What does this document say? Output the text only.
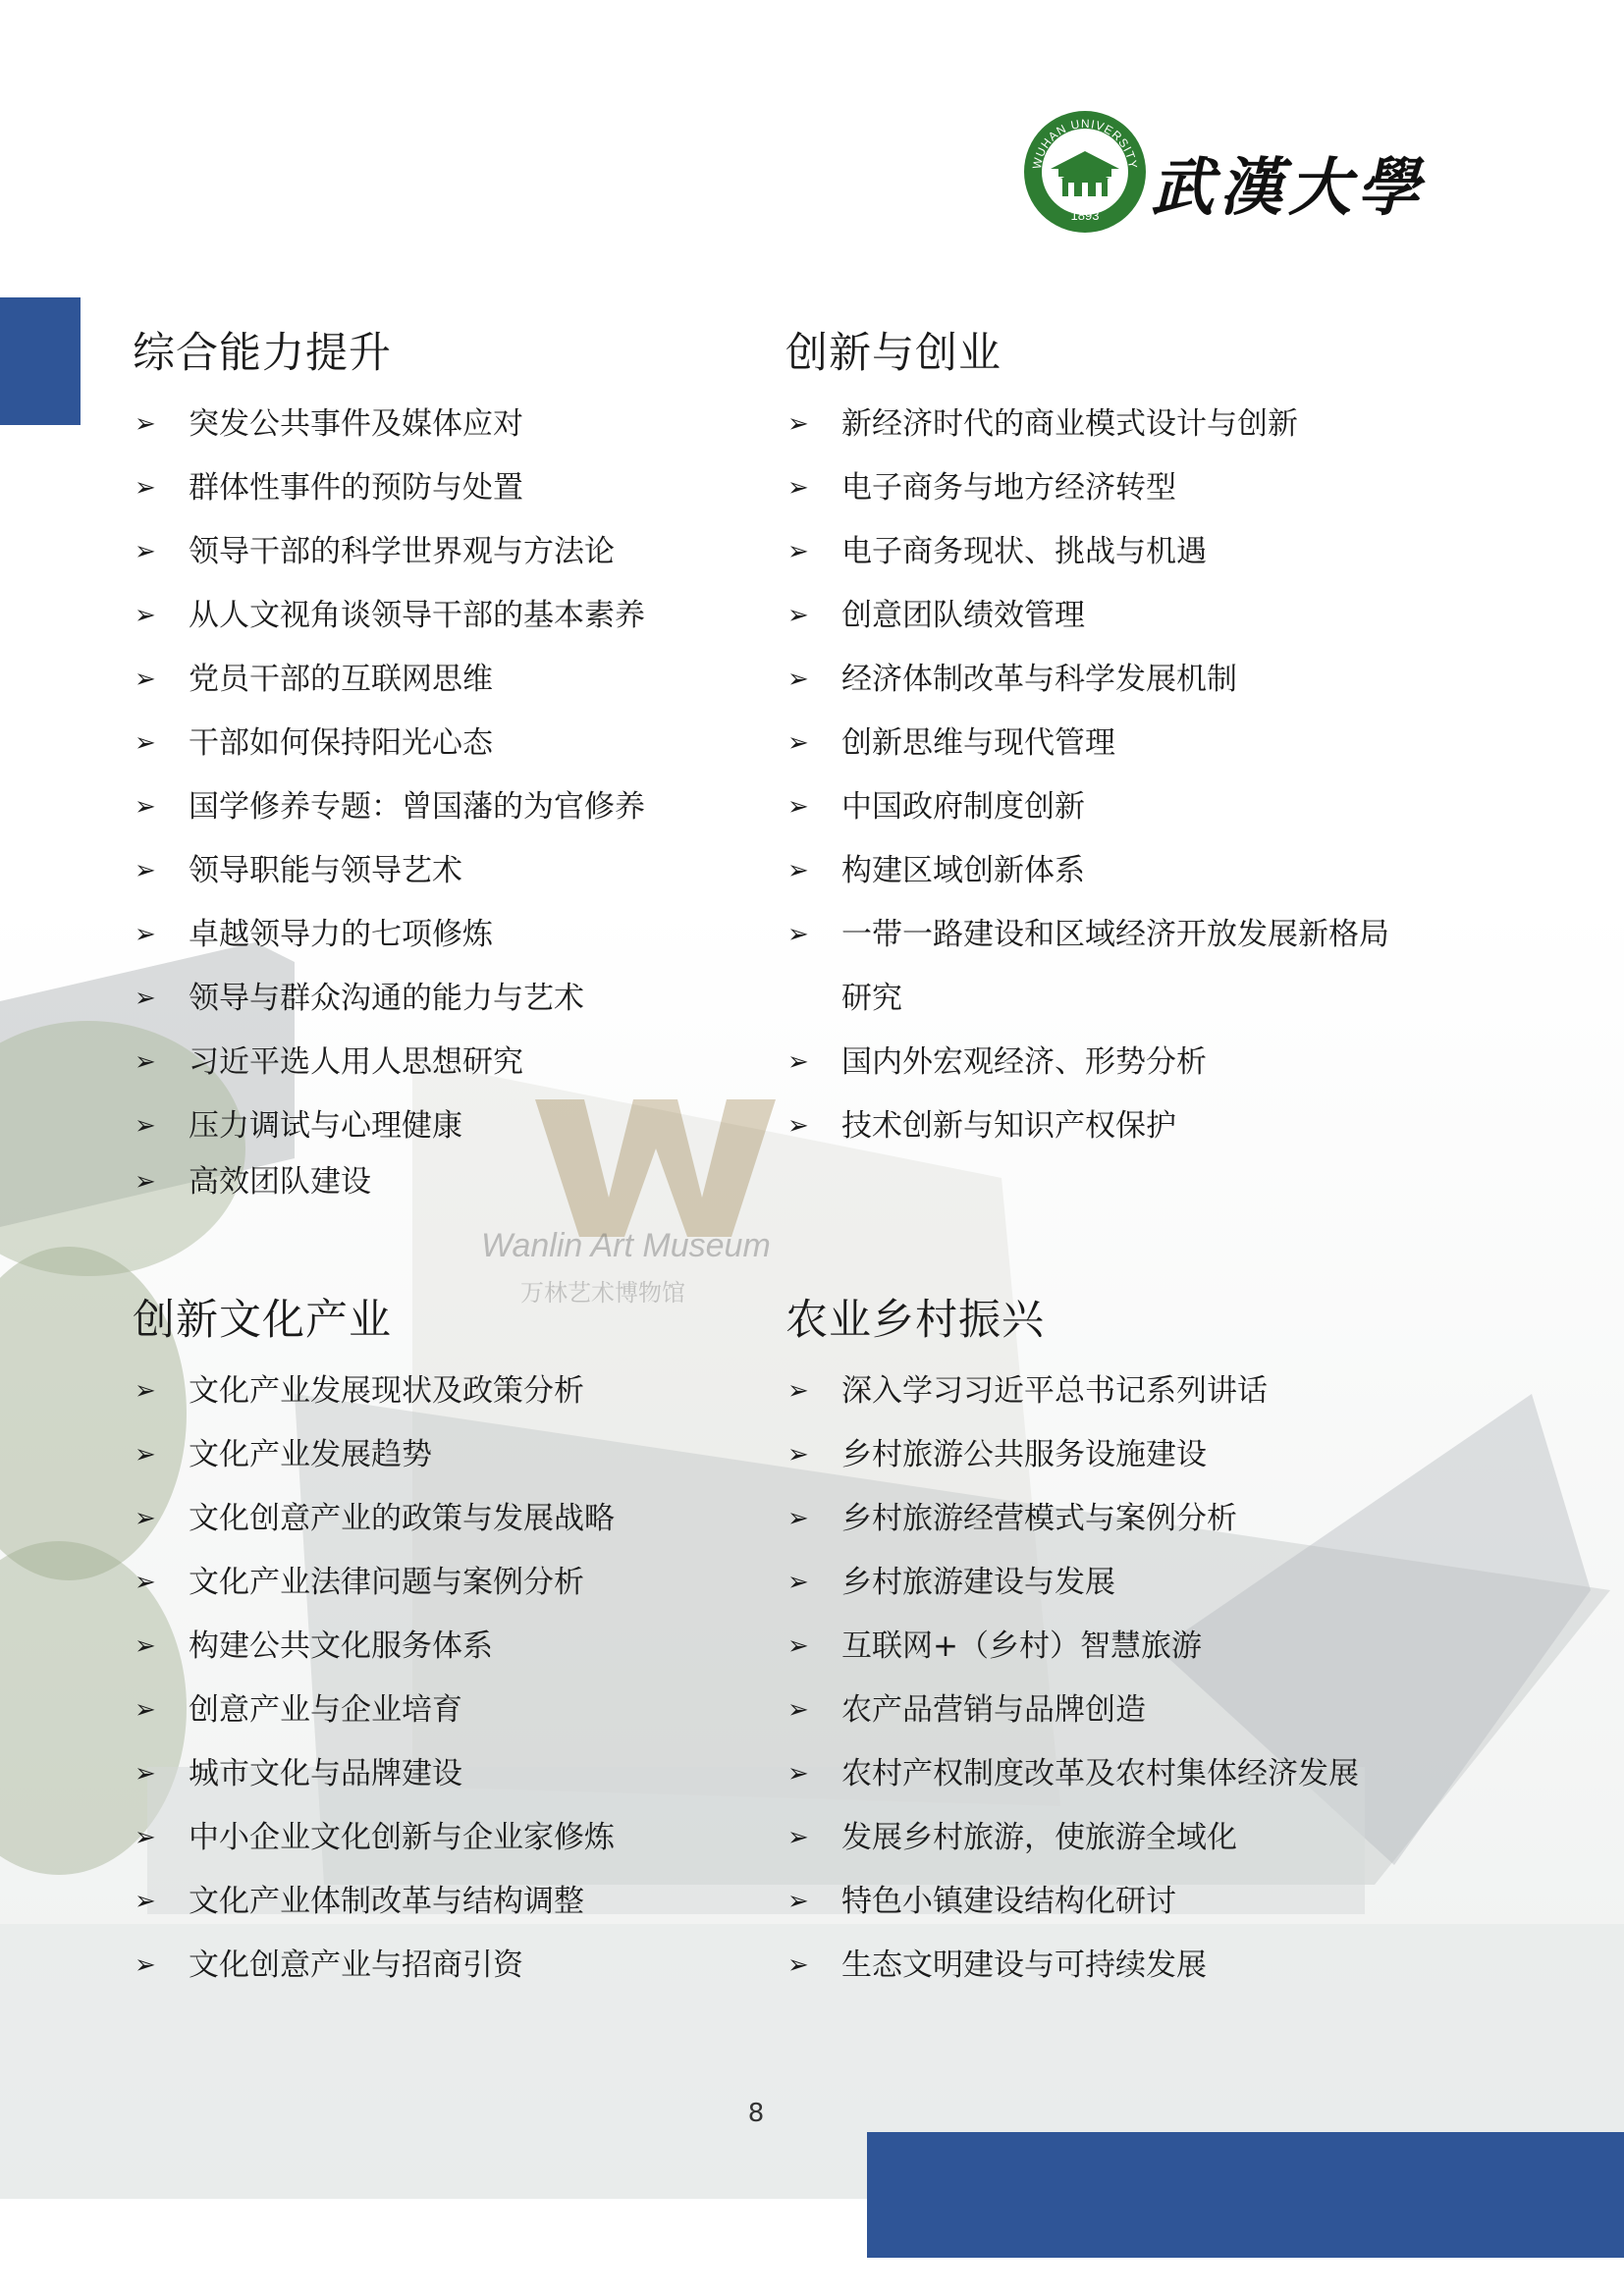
Wanlin Art Museum
万林艺术博物馆
WUHAN UNIVERSITY
1893 武漢大學
综合能力提升
➢ 突发公共事件及媒体应对
➢ 群体性事件的预防与处置
➢ 领导干部的科学世界观与方法论
➢ 从人文视角谈领导干部的基本素养
➢ 党员干部的互联网思维
➢ 干部如何保持阳光心态
➢ 国学修养专题：曾国藩的为官修养
➢ 领导职能与领导艺术
➢ 卓越领导力的七项修炼
➢ 领导与群众沟通的能力与艺术
➢ 习近平选人用人思想研究
➢ 压力调试与心理健康
➢ 高效团队建设
创新与创业
➢ 新经济时代的商业模式设计与创新
➢ 电子商务与地方经济转型
➢ 电子商务现状、挑战与机遇
➢ 创意团队绩效管理
➢ 经济体制改革与科学发展机制
➢ 创新思维与现代管理
➢ 中国政府制度创新
➢ 构建区域创新体系
➢ 一带一路建设和区域经济开放发展新格局研究
➢ 国内外宏观经济、形势分析
➢ 技术创新与知识产权保护
创新文化产业
➢ 文化产业发展现状及政策分析
➢ 文化产业发展趋势
➢ 文化创意产业的政策与发展战略
➢ 文化产业法律问题与案例分析
➢ 构建公共文化服务体系
➢ 创意产业与企业培育
➢ 城市文化与品牌建设
➢ 中小企业文化创新与企业家修炼
➢ 文化产业体制改革与结构调整
➢ 文化创意产业与招商引资
农业乡村振兴
➢ 深入学习习近平总书记系列讲话
➢ 乡村旅游公共服务设施建设
➢ 乡村旅游经营模式与案例分析
➢ 乡村旅游建设与发展
➢ 互联网+（乡村）智慧旅游
➢ 农产品营销与品牌创造
➢ 农村产权制度改革及农村集体经济发展
➢ 发展乡村旅游，使旅游全域化
➢ 特色小镇建设结构化研讨
➢ 生态文明建设与可持续发展
8
